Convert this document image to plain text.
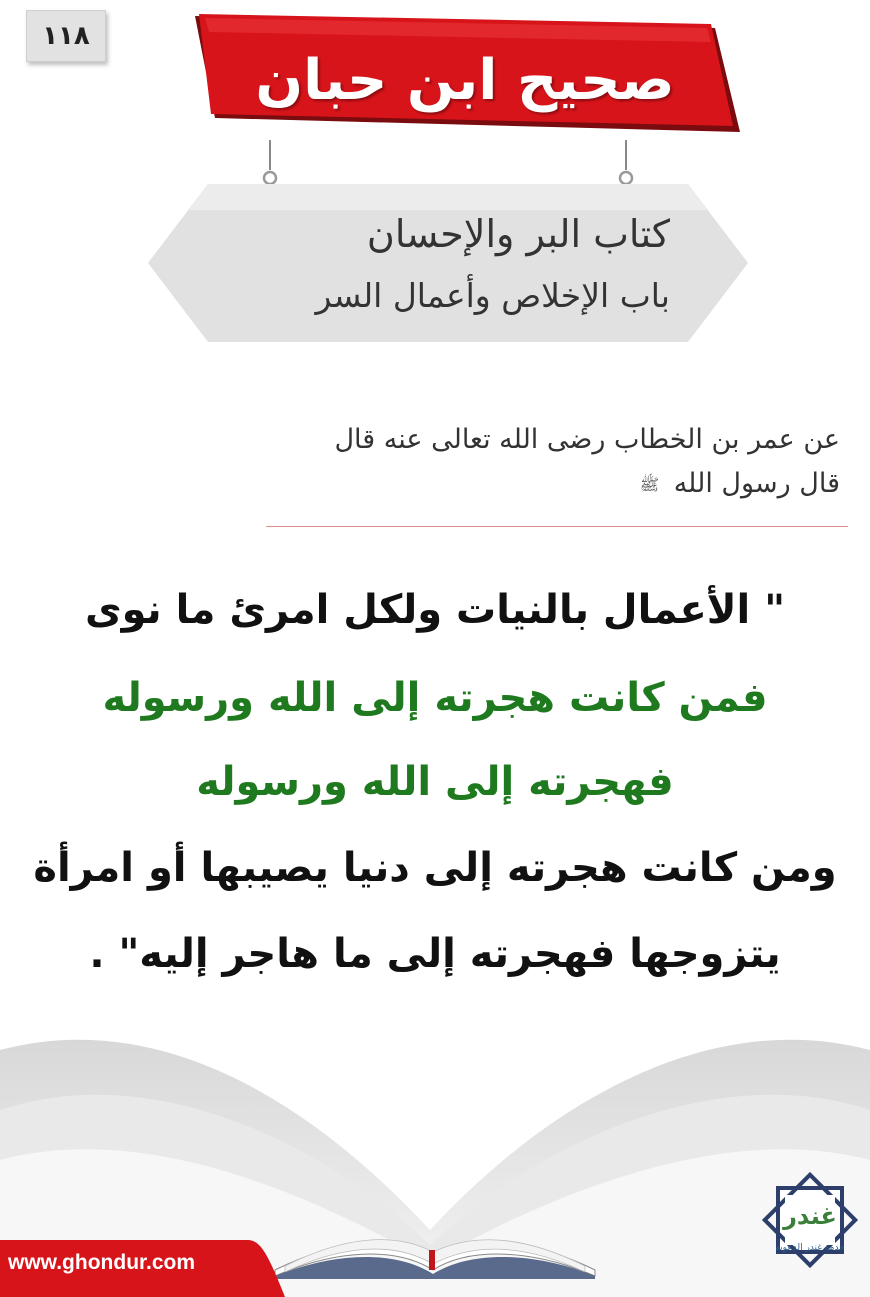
١١٨
صحيح ابن حبان
كتاب البر والإحسان
باب الإخلاص وأعمال السر
عن عمر بن الخطاب رضى الله تعالى عنه قال
قال رسول الله ﷺ
" الأعمال بالنيات ولكل امرئ ما نوى
فمن كانت هجرته إلى الله ورسوله
فهجرته إلى الله ورسوله
ومن كانت هجرته إلى دنيا يصيبها أو امرأة
يتزوجها فهجرته إلى ما هاجر إليه" .
www.ghondur.com
غندر
خدمة غندر الدعوية
